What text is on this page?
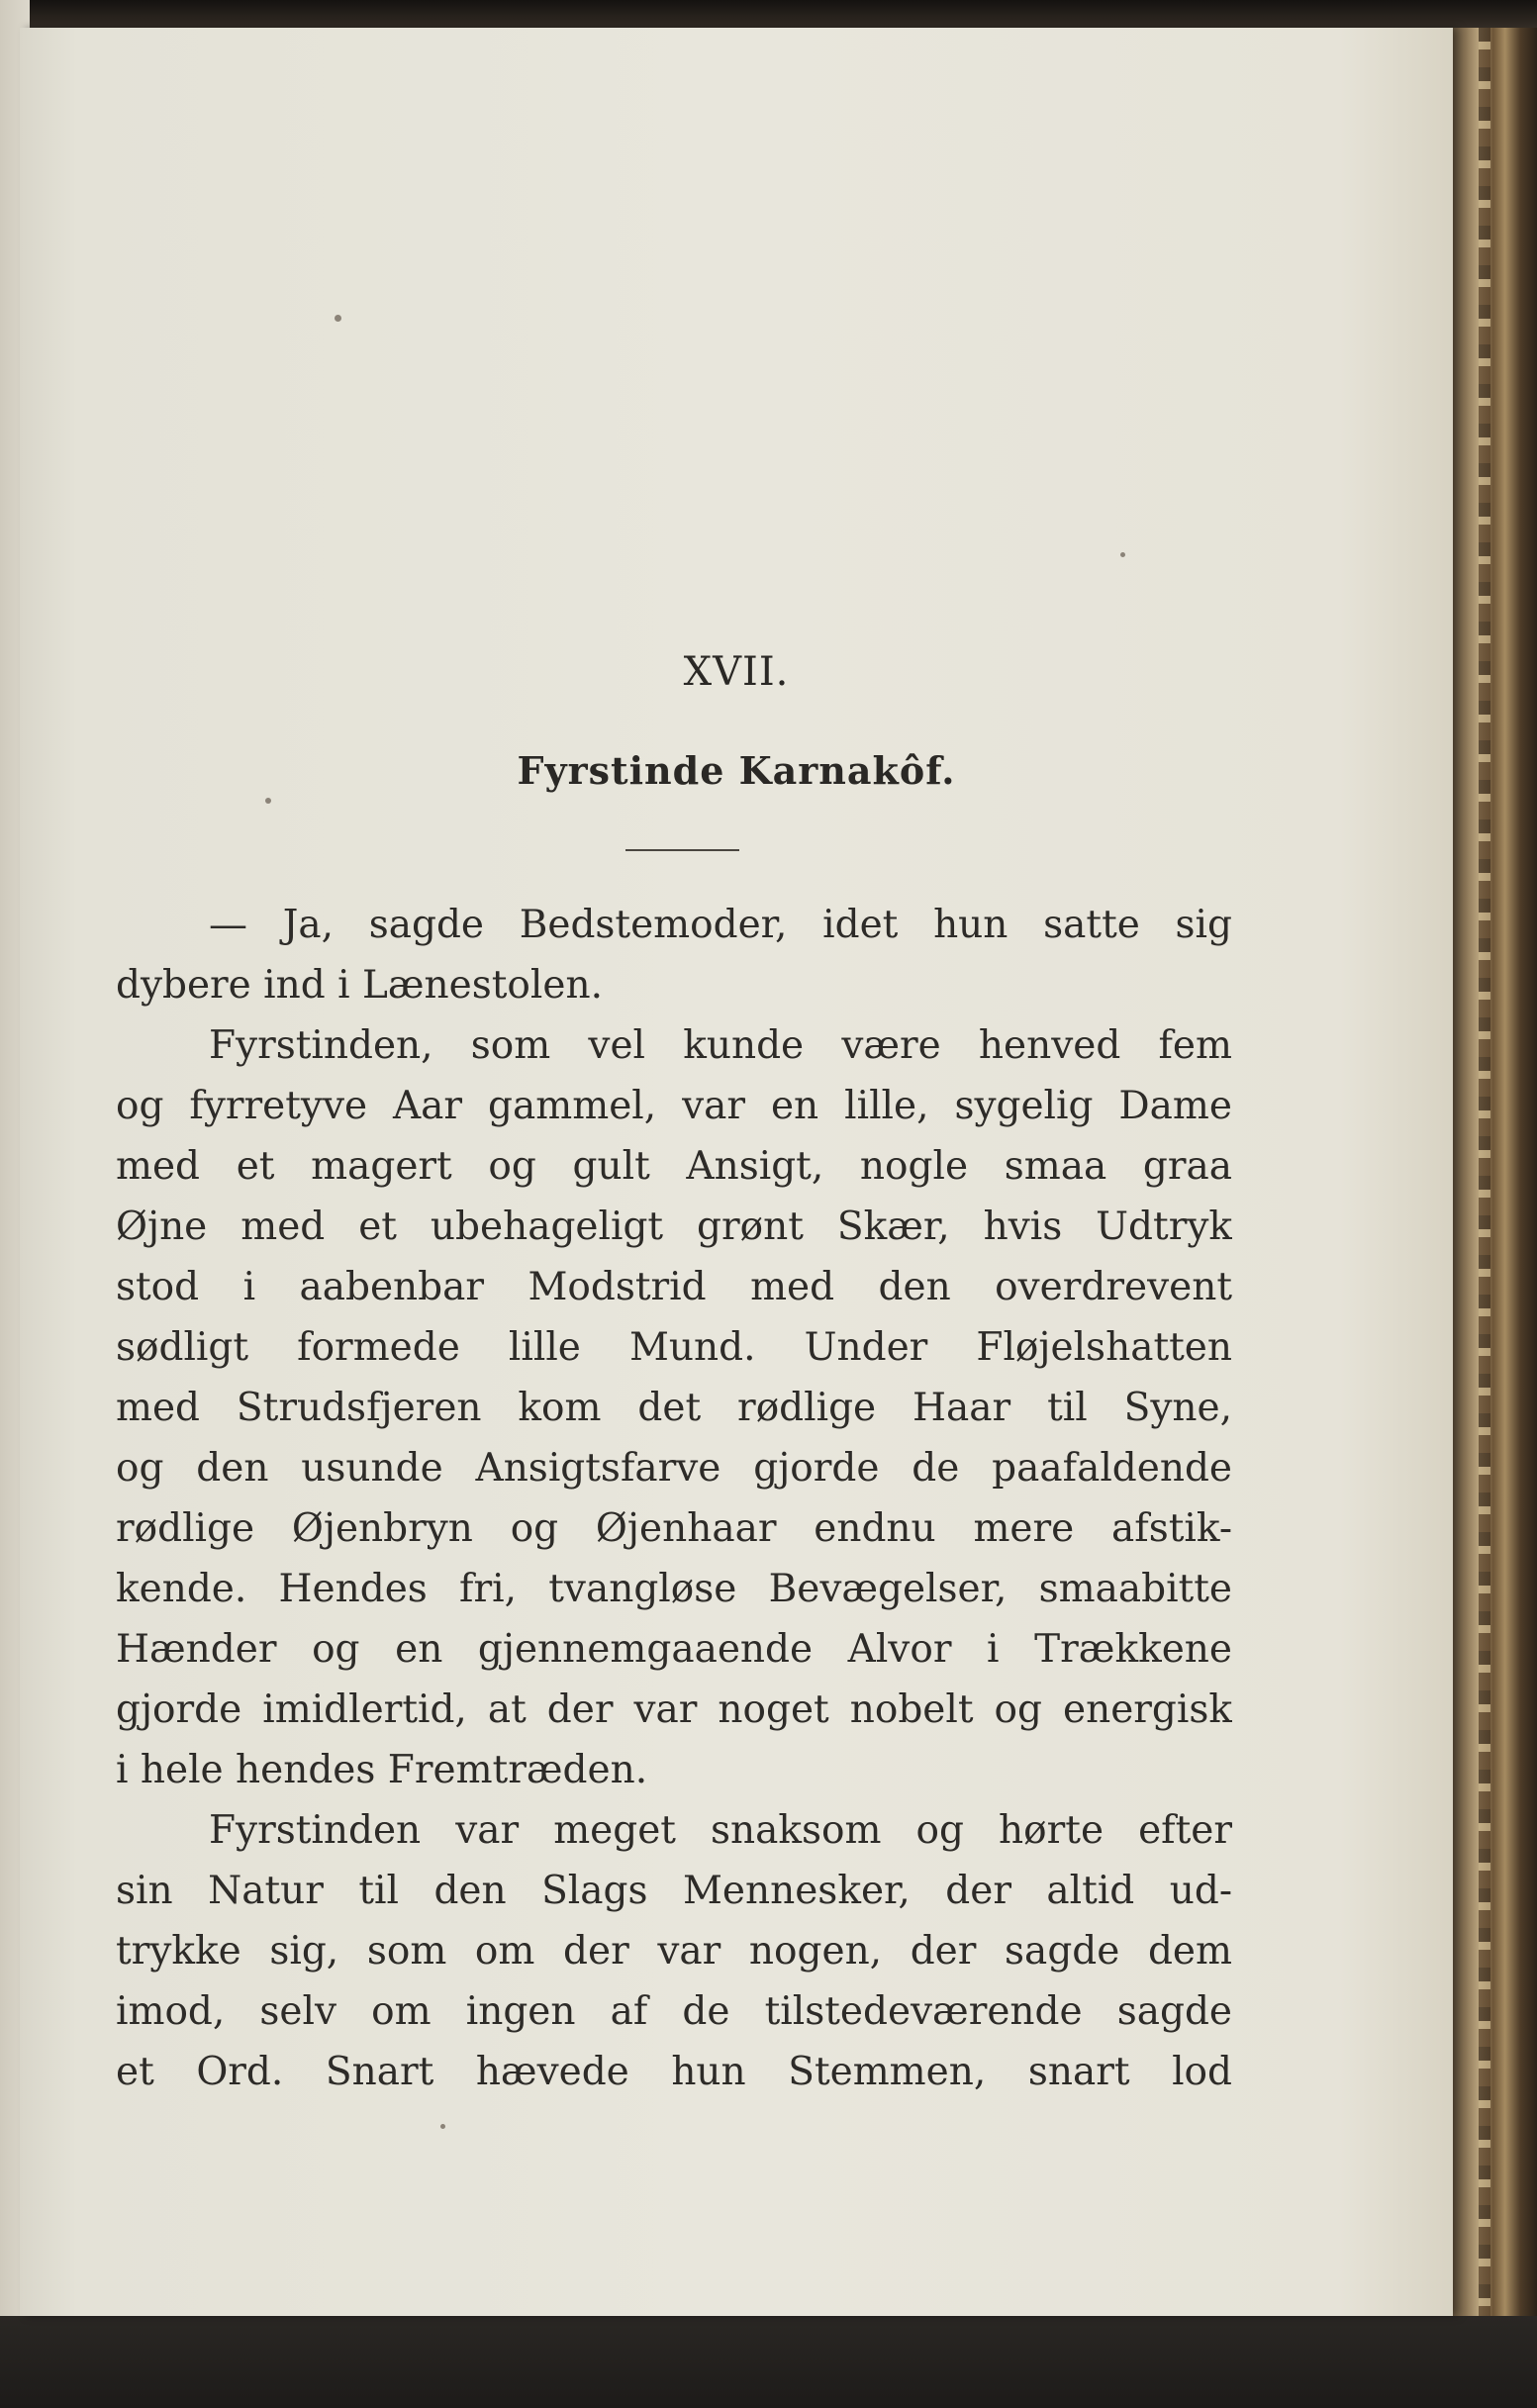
XVII.
Fyrstinde Karnakôf.
— Ja, sagde Bedstemoder, idet hun satte sig
dybere ind i Lænestolen.
Fyrstinden, som vel kunde være henved fem
og fyrretyve Aar gammel, var en lille, sygelig Dame
med et magert og gult Ansigt, nogle smaa graa
Øjne med et ubehageligt grønt Skær, hvis Udtryk
stod i aabenbar Modstrid med den overdrevent
sødligt formede lille Mund. Under Fløjelshatten
med Strudsfjeren kom det rødlige Haar til Syne,
og den usunde Ansigtsfarve gjorde de paafaldende
rødlige Øjenbryn og Øjenhaar endnu mere afstik-
kende. Hendes fri, tvangløse Bevægelser, smaabitte
Hænder og en gjennemgaaende Alvor i Trækkene
gjorde imidlertid, at der var noget nobelt og energisk
i hele hendes Fremtræden.
Fyrstinden var meget snaksom og hørte efter
sin Natur til den Slags Mennesker, der altid ud-
trykke sig, som om der var nogen, der sagde dem
imod, selv om ingen af de tilstedeværende sagde
et Ord. Snart hævede hun Stemmen, snart lod
